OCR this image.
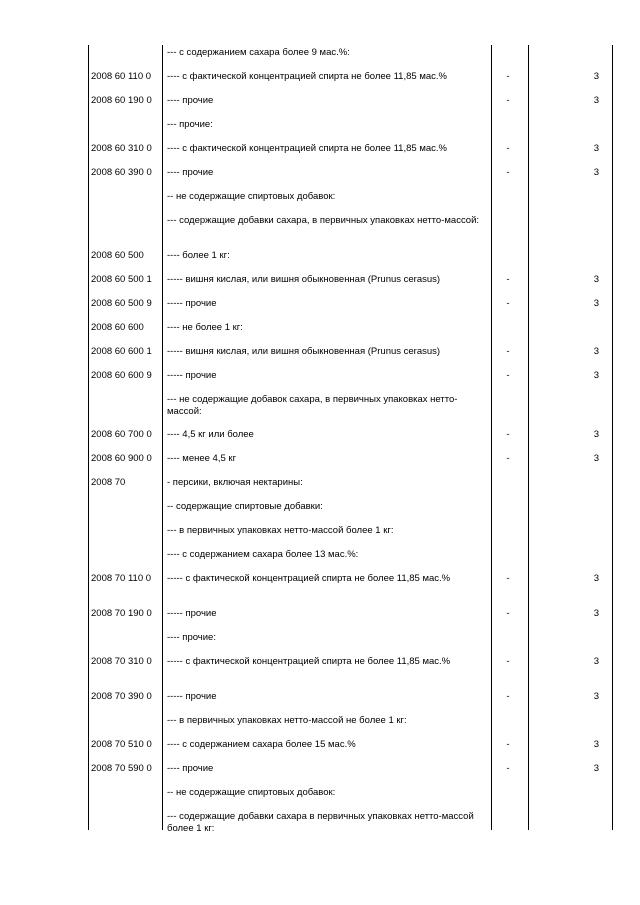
	--- с содержанием сахара более 9 мас.%:		
2008 60 110 0	---- с фактической концентрацией спирта не более 11,85 мас.%	-	3
2008 60 190 0	---- прочие	-	3
	--- прочие:		
2008 60 310 0	---- с фактической концентрацией спирта не более 11,85 мас.%	-	3
2008 60 390 0	---- прочие	-	3
	-- не содержащие спиртовых добавок:		
	--- содержащие добавки сахара, в первичных упаковках нетто-массой:		
2008 60 500	---- более 1 кг:		
2008 60 500 1	----- вишня кислая, или вишня обыкновенная (Prunus cerasus)	-	3
2008 60 500 9	----- прочие	-	3
2008 60 600	---- не более 1 кг:		
2008 60 600 1	----- вишня кислая, или вишня обыкновенная (Prunus cerasus)	-	3
2008 60 600 9	----- прочие	-	3
	--- не содержащие добавок сахара, в первичных упаковках нетто-массой:		
2008 60 700 0	---- 4,5 кг или более	-	3
2008 60 900 0	---- менее 4,5 кг	-	3
2008 70	- персики, включая нектарины:		
	-- содержащие спиртовые добавки:		
	--- в первичных упаковках нетто-массой более 1 кг:		
	---- с содержанием сахара более 13 мас.%:		
2008 70 110 0	----- с фактической концентрацией спирта не более 11,85 мас.%	-	3
2008 70 190 0	----- прочие	-	3
	---- прочие:		
2008 70 310 0	----- с фактической концентрацией спирта не более 11,85 мас.%	-	3
2008 70 390 0	----- прочие	-	3
	--- в первичных упаковках нетто-массой не более 1 кг:		
2008 70 510 0	---- с содержанием сахара более 15 мас.%	-	3
2008 70 590 0	---- прочие	-	3
	-- не содержащие спиртовых добавок:		
	--- содержащие добавки сахара в первичных упаковках нетто-массой более 1 кг:		
